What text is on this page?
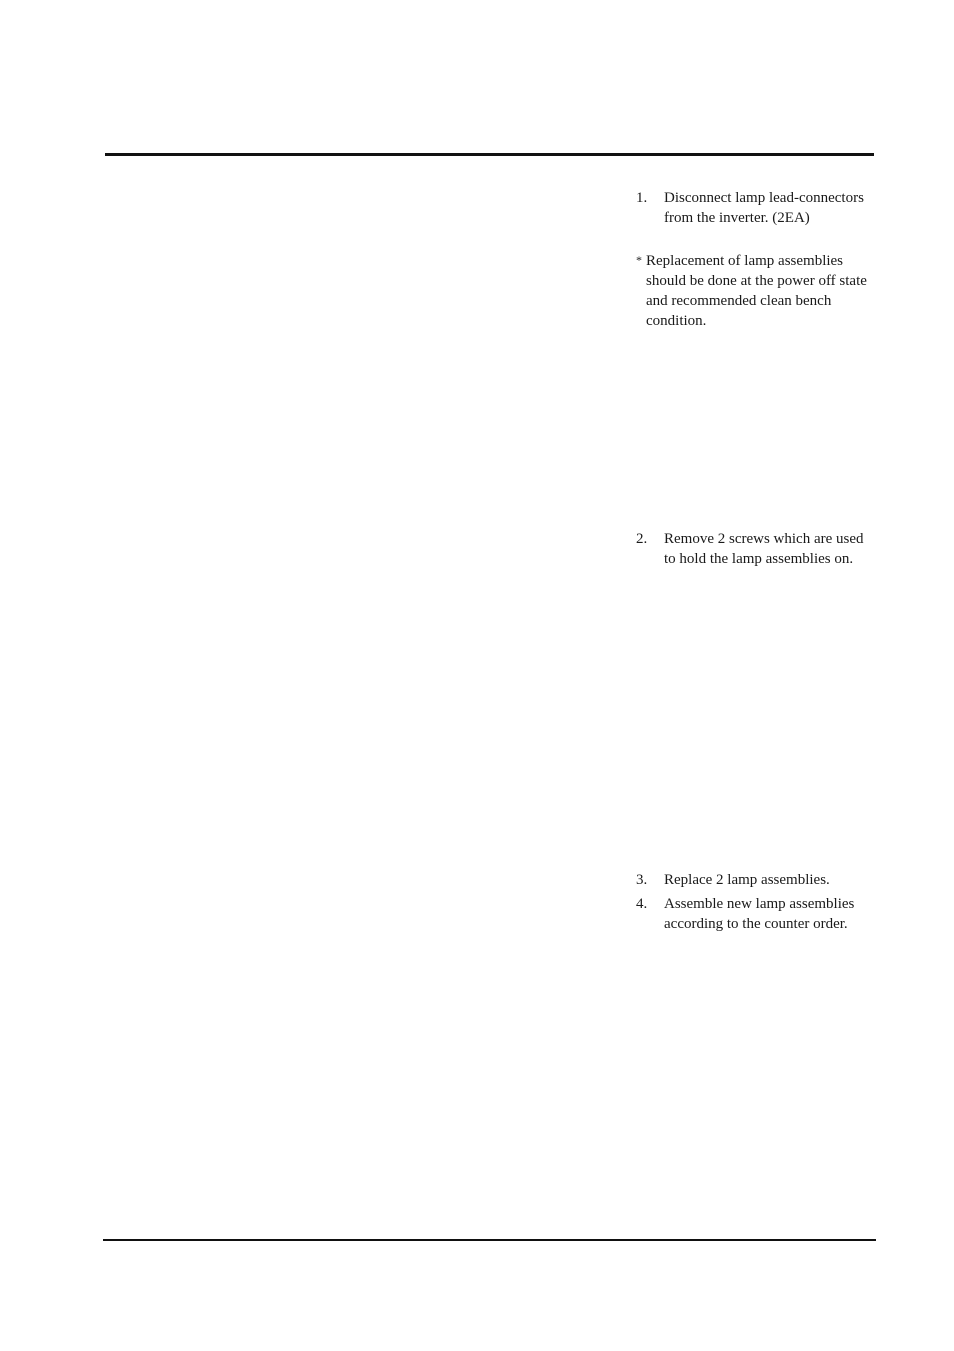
1.	Disconnect lamp lead-connectors from the inverter. (2EA)
* Replacement of lamp assemblies should be done at the power off state and recommended clean bench condition.
2.	Remove 2 screws which are used to hold the lamp assemblies on.
3.	Replace 2 lamp assemblies.
4.	Assemble new lamp assemblies according to the counter order.
